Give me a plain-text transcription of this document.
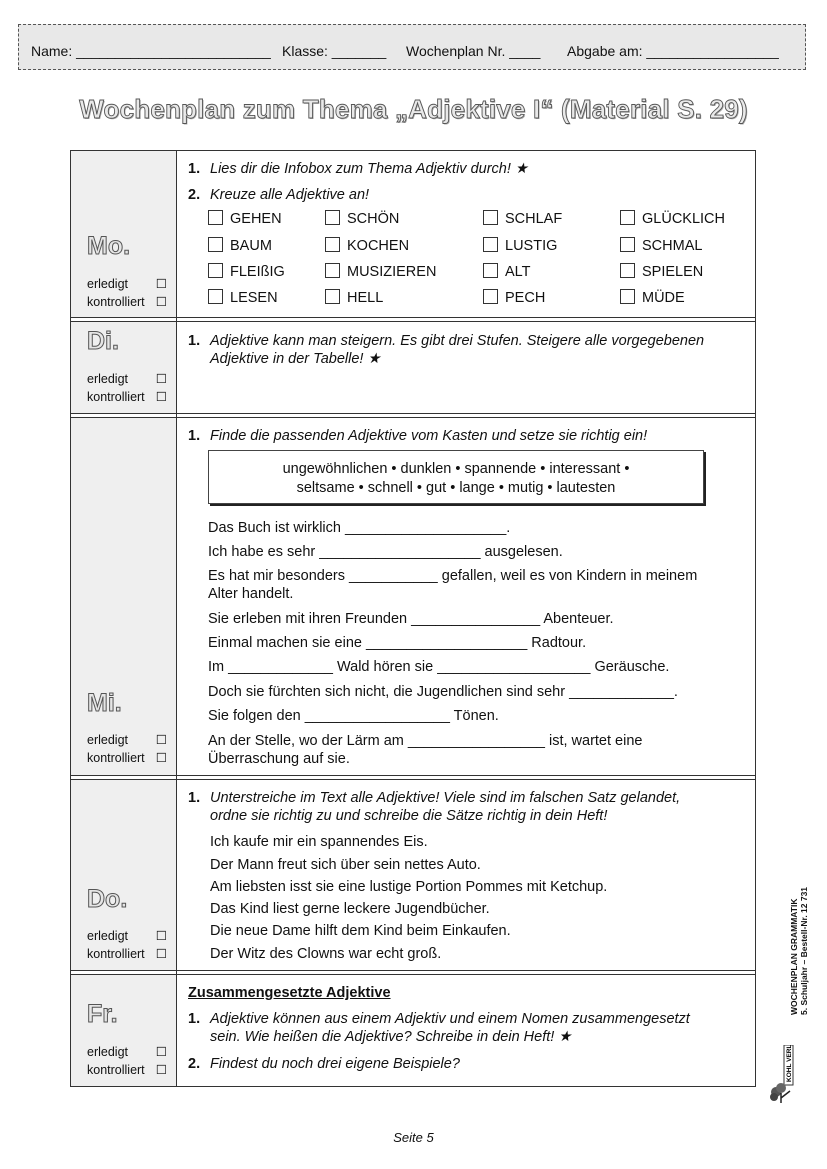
Name: _________________________ Klasse: _______ Wochenplan Nr. ____ Abgabe am: _________________
Wochenplan zum Thema „Adjektive I“ (Material S. 29)
Mo.
erledigt ☐
kontrolliert ☐
1. Lies dir die Infobox zum Thema Adjektiv durch! ★
2. Kreuze alle Adjektive an!
GEHEN	SCHÖN	SCHLAF	GLÜCKLICH
BAUM	KOCHEN	LUSTIG	SCHMAL
FLEIßIG	MUSIZIEREN	ALT	SPIELEN
LESEN	HELL	PECH	MÜDE
Di.
erledigt ☐
kontrolliert ☐
1. Adjektive kann man steigern. Es gibt drei Stufen. Steigere alle vorgegebenen
Adjektive in der Tabelle! ★
Mi.
erledigt ☐
kontrolliert ☐
1. Finde die passenden Adjektive vom Kasten und setze sie richtig ein!
ungewöhnlichen • dunklen • spannende • interessant •
seltsame • schnell • gut • lange • mutig • lautesten
Das Buch ist wirklich ____________________.
Ich habe es sehr ____________________ ausgelesen.
Es hat mir besonders ___________ gefallen, weil es von Kindern in meinem
Alter handelt.
Sie erleben mit ihren Freunden ________________ Abenteuer.
Einmal machen sie eine ____________________ Radtour.
Im _____________ Wald hören sie ___________________ Geräusche.
Doch sie fürchten sich nicht, die Jugendlichen sind sehr _____________.
Sie folgen den __________________ Tönen.
An der Stelle, wo der Lärm am _________________ ist, wartet eine
Überraschung auf sie.
Do.
erledigt ☐
kontrolliert ☐
1. Unterstreiche im Text alle Adjektive! Viele sind im falschen Satz gelandet,
ordne sie richtig zu und schreibe die Sätze richtig in dein Heft!
Ich kaufe mir ein spannendes Eis.
Der Mann freut sich über sein nettes Auto.
Am liebsten isst sie eine lustige Portion Pommes mit Ketchup.
Das Kind liest gerne leckere Jugendbücher.
Die neue Dame hilft dem Kind beim Einkaufen.
Der Witz des Clowns war echt groß.
Fr.
erledigt ☐
kontrolliert ☐
Zusammengesetzte Adjektive
1. Adjektive können aus einem Adjektiv und einem Nomen zusammengesetzt
sein. Wie heißen die Adjektive? Schreibe in dein Heft! ★
2. Findest du noch drei eigene Beispiele?
WOCHENPLAN GRAMMATIK 5. Schuljahr – Bestell-Nr. 12 731
KOHL VERLAG
Seite 5
